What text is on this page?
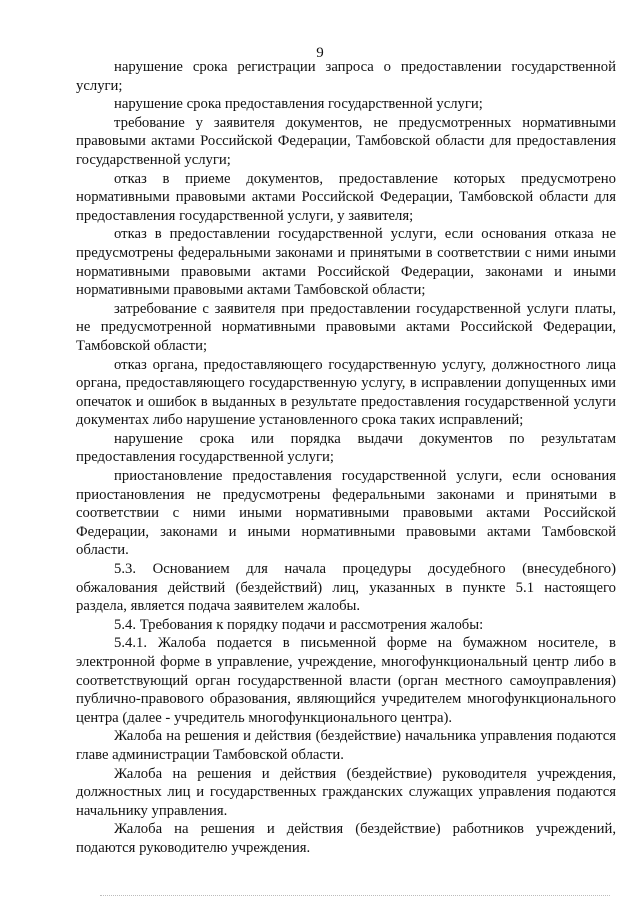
9

нарушение срока регистрации запроса о предоставлении государственной услуги;

нарушение срока предоставления государственной услуги;

требование у заявителя документов, не предусмотренных нормативными правовыми актами Российской Федерации, Тамбовской области для предоставления государственной услуги;

отказ в приеме документов, предоставление которых предусмотрено нормативными правовыми актами Российской Федерации, Тамбовской области для предоставления государственной услуги, у заявителя;

отказ в предоставлении государственной услуги, если основания отказа не предусмотрены федеральными законами и принятыми в соответствии с ними иными нормативными правовыми актами Российской Федерации, законами и иными нормативными правовыми актами Тамбовской области;

затребование с заявителя при предоставлении государственной услуги платы, не предусмотренной нормативными правовыми актами Российской Федерации, Тамбовской области;

отказ органа, предоставляющего государственную услугу, должностного лица органа, предоставляющего государственную услугу, в исправлении допущенных ими опечаток и ошибок в выданных в результате предоставления государственной услуги документах либо нарушение установленного срока таких исправлений;

нарушение срока или порядка выдачи документов по результатам предоставления государственной услуги;

приостановление предоставления государственной услуги, если основания приостановления не предусмотрены федеральными законами и принятыми в соответствии с ними иными нормативными правовыми актами Российской Федерации, законами и иными нормативными правовыми актами Тамбовской области.

5.3. Основанием для начала процедуры досудебного (внесудебного) обжалования действий (бездействий) лиц, указанных в пункте 5.1 настоящего раздела, является подача заявителем жалобы.

5.4. Требования к порядку подачи и рассмотрения жалобы:

5.4.1. Жалоба подается в письменной форме на бумажном носителе, в электронной форме в управление, учреждение, многофункциональный центр либо в соответствующий орган государственной власти (орган местного самоуправления) публично-правового образования, являющийся учредителем многофункционального центра (далее - учредитель многофункционального центра).

Жалоба на решения и действия (бездействие) начальника управления подаются главе администрации Тамбовской области.

Жалоба на решения и действия (бездействие) руководителя учреждения, должностных лиц и государственных гражданских служащих управления подаются начальнику управления.

Жалоба на решения и действия (бездействие) работников учреждений, подаются руководителю учреждения.
